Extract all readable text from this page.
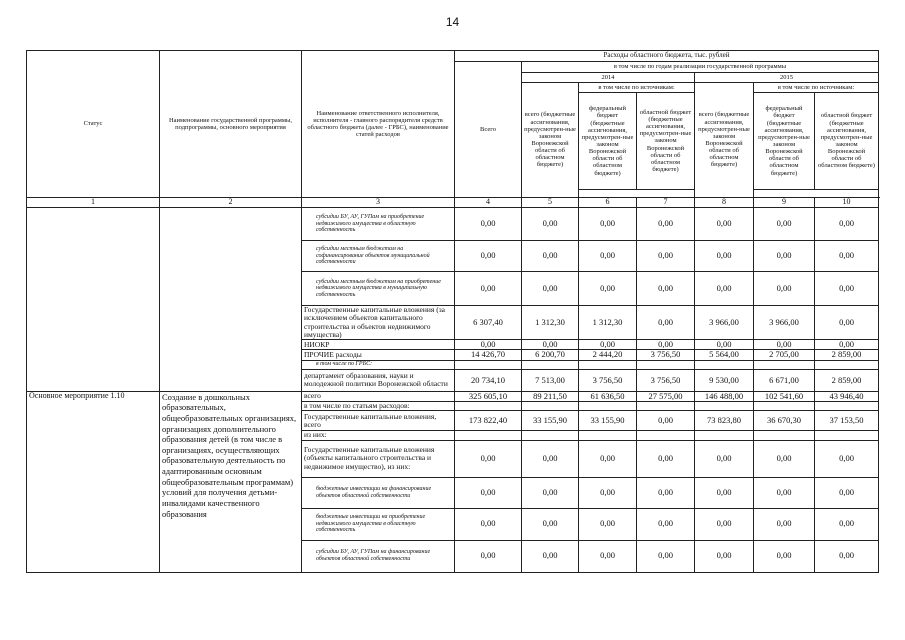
14
Статус	Наименование государственной программы, подпрограммы, основного мероприятия	Наименование ответственного исполнителя, исполнителя - главного распорядителя средств областного бюджета (далее - ГРБС), наименование статей расходов	Расходы областного бюджета, тыс. рублей						
			Всего	в том числе по годам реализации государственной программы					
				2014			2015		
				всего (бюджетные ассигнования, предусмотрен-ные законом Воронежской области об областном бюджете)	в том числе по источникам:		всего (бюджетные ассигнования, предусмотрен-ные законом Воронежской области об областном бюджете)	в том числе по источникам:	
					федеральный бюджет (бюджетные ассигнования, предусмотрен-ные законом Воронежской области об областном бюджете)	областной бюджет (бюджетные ассигнования, предусмотрен-ные законом Воронежской области об областном бюджете)		федеральный бюджет (бюджетные ассигнования, предусмотрен-ные законом Воронежской области об областном бюджете)	областной бюджет (бюджетные ассигнования, предусмотрен-ные законом Воронежской области об областном бюджете)

1	2	3	4	5	6	7	8	9	10
		субсидии БУ, АУ, ГУПам на приобретение недвижимого имущества в областную собственность	0,00	0,00	0,00	0,00	0,00	0,00	0,00
		субсидии местным бюджетам на софинансирование объектов муниципальной собственности	0,00	0,00	0,00	0,00	0,00	0,00	0,00
		субсидии местным бюджетам на приобретение недвижимого имущества в муниципальную собственность	0,00	0,00	0,00	0,00	0,00	0,00	0,00
		Государственные капитальные вложения (за исключением объектов капитального строительства и объектов недвижимого имущества)	6 307,40	1 312,30	1 312,30	0,00	3 966,00	3 966,00	0,00
		НИОКР	0,00	0,00	0,00	0,00	0,00	0,00	0,00
		ПРОЧИЕ расходы	14 426,70	6 200,70	2 444,20	3 756,50	5 564,00	2 705,00	2 859,00
		в том числе по ГРБС:							
		департамент образования, науки и молодежной политики Воронежской области	20 734,10	7 513,00	3 756,50	3 756,50	9 530,00	6 671,00	2 859,00
Основное мероприятие 1.10	Создание в дошкольных образовательных, общеобразовательных организациях, организациях дополнительного образования детей (в том числе в организациях, осуществляющих образовательную деятельность по адаптированным основным общеобразовательным программам) условий для получения детьми-инвалидами качественного образования	всего	325 605,10	89 211,50	61 636,50	27 575,00	146 488,00	102 541,60	43 946,40
		в том числе по статьям расходов:							
		Государственные капитальные вложения, всего	173 822,40	33 155,90	33 155,90	0,00	73 823,80	36 670,30	37 153,50
		из них:							
		Государственные капитальные вложения (объекты капитального строительства и недвижимое имущество), из них:	0,00	0,00	0,00	0,00	0,00	0,00	0,00
		бюджетные инвестиции на финансирование объектов областной собственности	0,00	0,00	0,00	0,00	0,00	0,00	0,00
		бюджетные инвестиции на приобретение недвижимого имущества в областную собственность	0,00	0,00	0,00	0,00	0,00	0,00	0,00
		субсидии БУ, АУ, ГУПам на финансирование объектов областной собственности	0,00	0,00	0,00	0,00	0,00	0,00	0,00
